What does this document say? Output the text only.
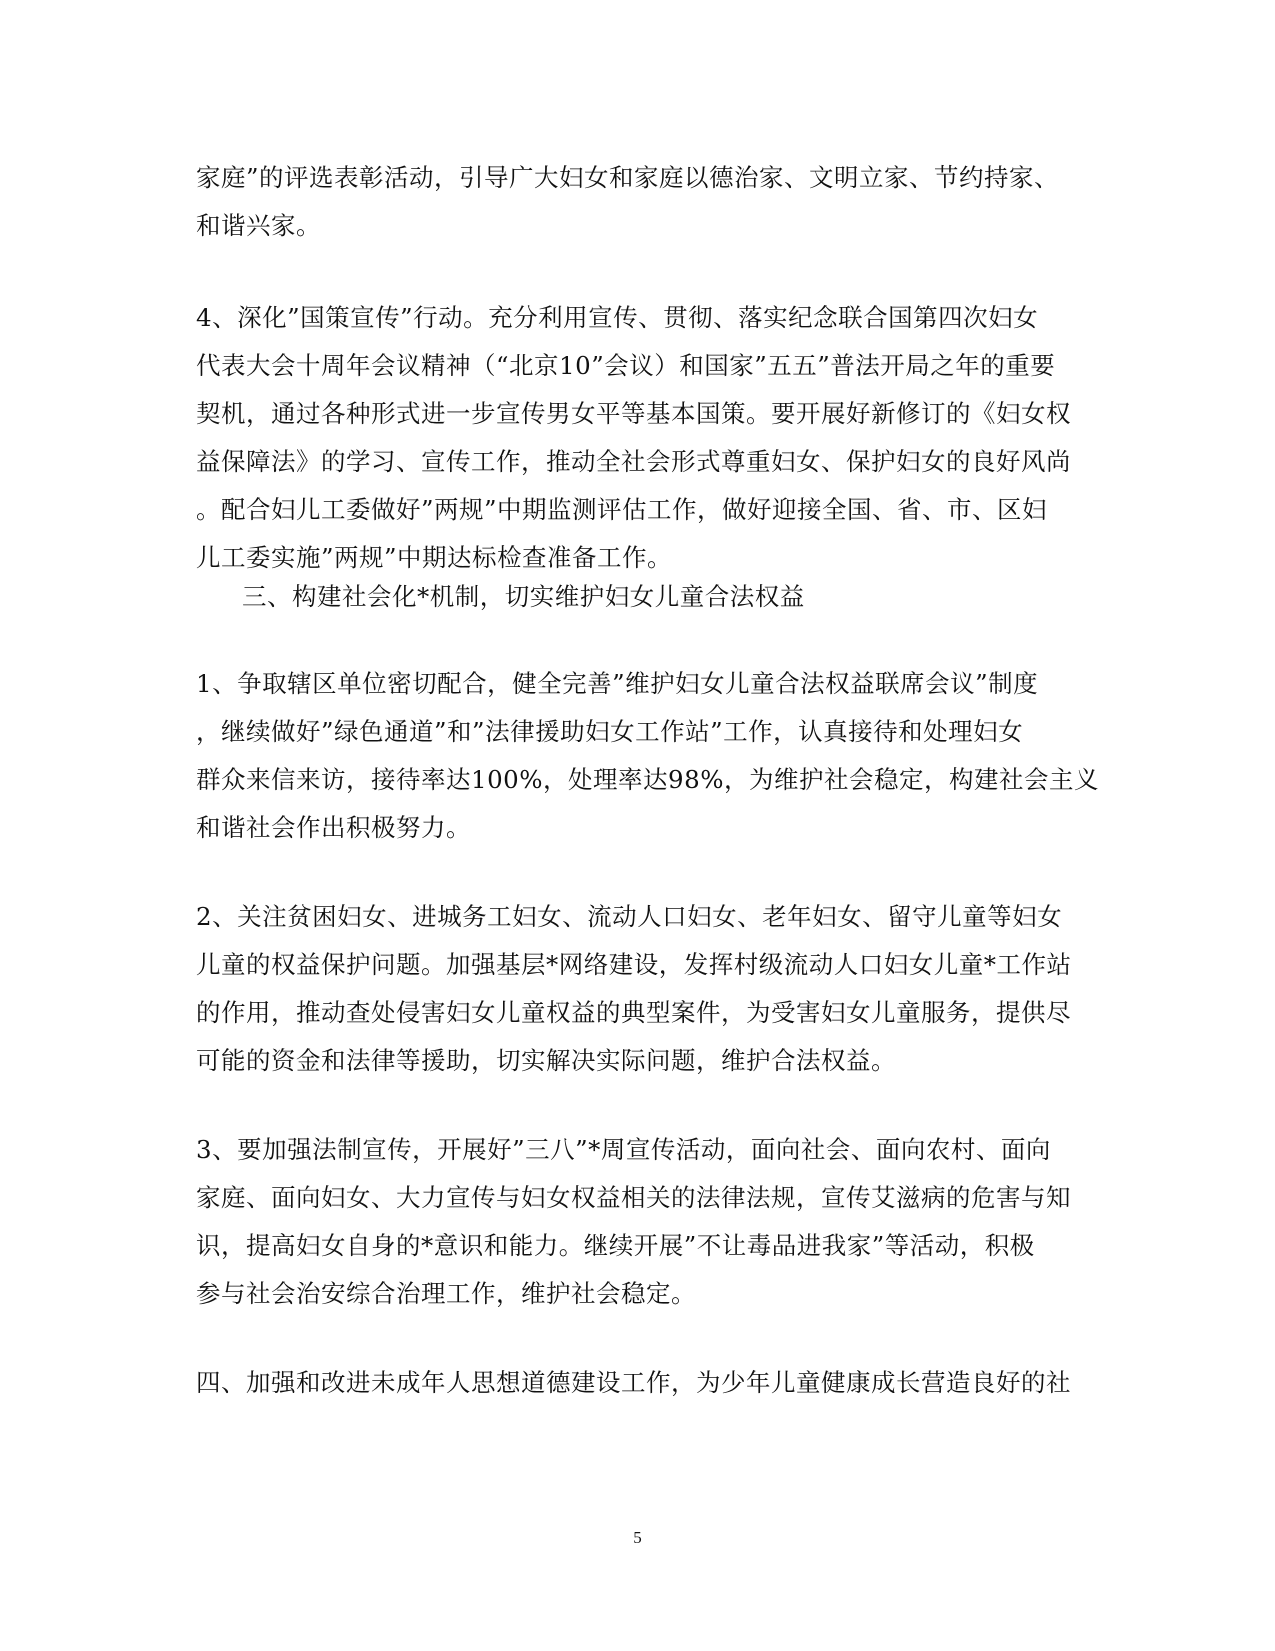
家庭”的评选表彰活动，引导广大妇女和家庭以德治家、文明立家、节约持家、
和谐兴家。
4、深化”国策宣传”行动。充分利用宣传、贯彻、落实纪念联合国第四次妇女
代表大会十周年会议精神（“北京10”会议）和国家”五五”普法开局之年的重要
契机，通过各种形式进一步宣传男女平等基本国策。要开展好新修订的《妇女权
益保障法》的学习、宣传工作，推动全社会形式尊重妇女、保护妇女的良好风尚
。配合妇儿工委做好”两规”中期监测评估工作，做好迎接全国、省、市、区妇
儿工委实施”两规”中期达标检查准备工作。
三、构建社会化*机制，切实维护妇女儿童合法权益
1、争取辖区单位密切配合，健全完善”维护妇女儿童合法权益联席会议”制度
，继续做好”绿色通道”和”法律援助妇女工作站”工作，认真接待和处理妇女
群众来信来访，接待率达100%，处理率达98%，为维护社会稳定，构建社会主义
和谐社会作出积极努力。
2、关注贫困妇女、进城务工妇女、流动人口妇女、老年妇女、留守儿童等妇女
儿童的权益保护问题。加强基层*网络建设，发挥村级流动人口妇女儿童*工作站
的作用，推动查处侵害妇女儿童权益的典型案件，为受害妇女儿童服务，提供尽
可能的资金和法律等援助，切实解决实际问题，维护合法权益。
3、要加强法制宣传，开展好”三八”*周宣传活动，面向社会、面向农村、面向
家庭、面向妇女、大力宣传与妇女权益相关的法律法规，宣传艾滋病的危害与知
识，提高妇女自身的*意识和能力。继续开展”不让毒品进我家”等活动，积极
参与社会治安综合治理工作，维护社会稳定。
四、加强和改进未成年人思想道德建设工作，为少年儿童健康成长营造良好的社
5
